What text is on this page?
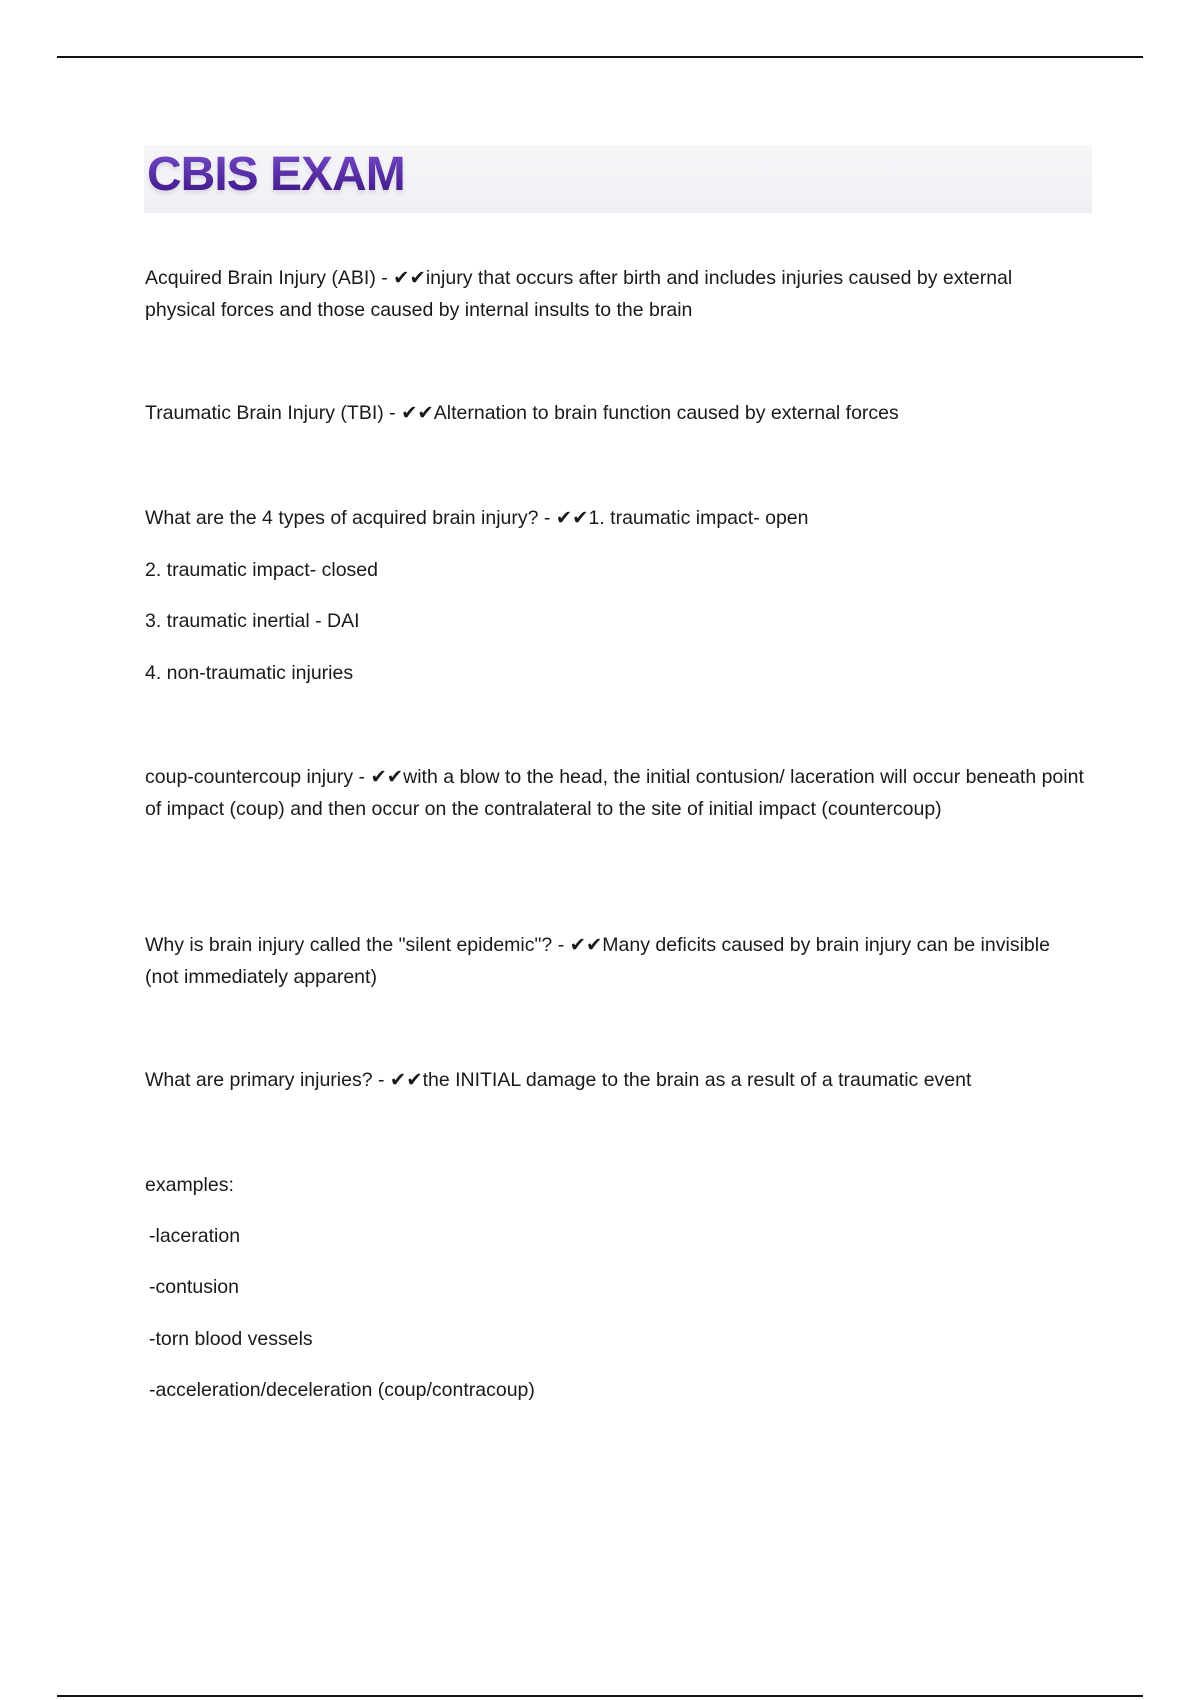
CBIS EXAM

Acquired Brain Injury (ABI) - ✔✔injury that occurs after birth and includes injuries caused by external physical forces and those caused by internal insults to the brain

Traumatic Brain Injury (TBI) - ✔✔Alternation to brain function caused by external forces

What are the 4 types of acquired brain injury? - ✔✔1. traumatic impact- open

2. traumatic impact- closed

3. traumatic inertial - DAI

4. non-traumatic injuries

coup-countercoup injury - ✔✔with a blow to the head, the initial contusion/ laceration will occur beneath point of impact (coup) and then occur on the contralateral to the site of initial impact (countercoup)

Why is brain injury called the "silent epidemic"? - ✔✔Many deficits caused by brain injury can be invisible (not immediately apparent)

What are primary injuries? - ✔✔the INITIAL damage to the brain as a result of a traumatic event

examples:

-laceration

-contusion

-torn blood vessels

-acceleration/deceleration (coup/contracoup)
